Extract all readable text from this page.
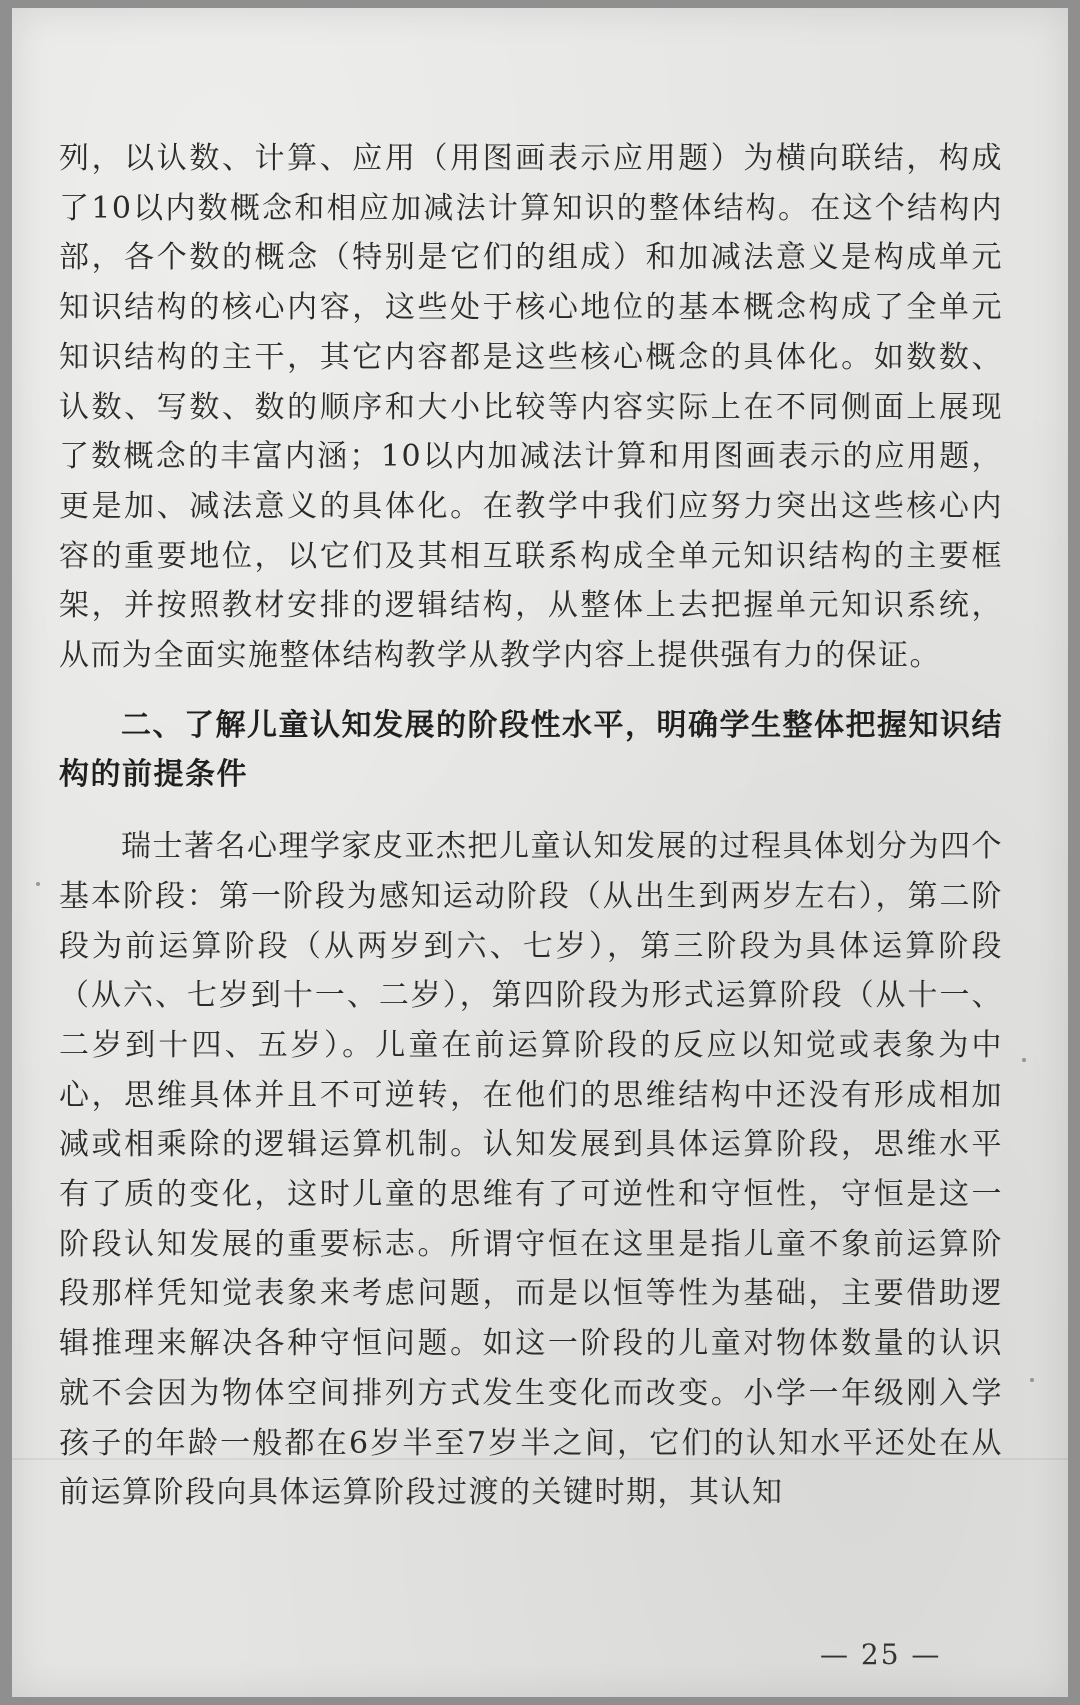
列，以认数、计算、应用（用图画表示应用题）为横向联结，构成了10以内数概念和相应加减法计算知识的整体结构。在这个结构内部，各个数的概念（特别是它们的组成）和加减法意义是构成单元知识结构的核心内容，这些处于核心地位的基本概念构成了全单元知识结构的主干，其它内容都是这些核心概念的具体化。如数数、认数、写数、数的顺序和大小比较等内容实际上在不同侧面上展现了数概念的丰富内涵；10以内加减法计算和用图画表示的应用题，更是加、减法意义的具体化。在教学中我们应努力突出这些核心内容的重要地位，以它们及其相互联系构成全单元知识结构的主要框架，并按照教材安排的逻辑结构，从整体上去把握单元知识系统，从而为全面实施整体结构教学从教学内容上提供强有力的保证。

二、了解儿童认知发展的阶段性水平，明确学生整体把握知识结构的前提条件

瑞士著名心理学家皮亚杰把儿童认知发展的过程具体划分为四个基本阶段：第一阶段为感知运动阶段（从出生到两岁左右），第二阶段为前运算阶段（从两岁到六、七岁），第三阶段为具体运算阶段（从六、七岁到十一、二岁），第四阶段为形式运算阶段（从十一、二岁到十四、五岁）。儿童在前运算阶段的反应以知觉或表象为中心，思维具体并且不可逆转，在他们的思维结构中还没有形成相加减或相乘除的逻辑运算机制。认知发展到具体运算阶段，思维水平有了质的变化，这时儿童的思维有了可逆性和守恒性，守恒是这一阶段认知发展的重要标志。所谓守恒在这里是指儿童不象前运算阶段那样凭知觉表象来考虑问题，而是以恒等性为基础，主要借助逻辑推理来解决各种守恒问题。如这一阶段的儿童对物体数量的认识就不会因为物体空间排列方式发生变化而改变。小学一年级刚入学孩子的年龄一般都在6岁半至7岁半之间，它们的认知水平还处在从前运算阶段向具体运算阶段过渡的关键时期，其认知

— 25 —
